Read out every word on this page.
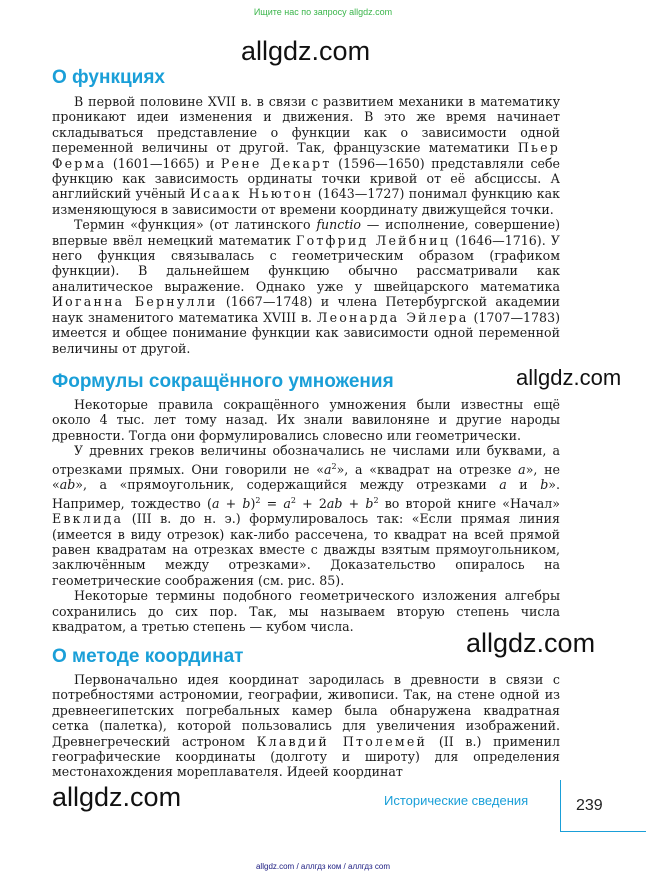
Ищите нас по запросу allgdz.com
allgdz.com
О функциях

В первой половине XVII в. в связи с развитием механики в математику проникают идеи изменения и движения. В это же время начинает складываться представление о функции как о зависимости одной переменной величины от другой. Так, французские математики Пьер Ферма (1601—1665) и Рене Декарт (1596—1650) представляли себе функцию как зависимость ординаты точки кривой от её абсциссы. А английский учёный Исаак Ньютон (1643—1727) понимал функцию как изменяющуюся в зависимости от времени координату движущейся точки.

Термин «функция» (от латинского functio — исполнение, совершение) впервые ввёл немецкий математик Готфрид Лейбниц (1646—1716). У него функция связывалась с геометрическим образом (графиком функции). В дальнейшем функцию обычно рассматривали как аналитическое выражение. Однако уже у швейцарского математика Иоганна Бернулли (1667—1748) и члена Петербургской академии наук знаменитого математика XVIII в. Леонарда Эйлера (1707—1783) имеется и общее понимание функции как зависимости одной переменной величины от другой.

Формулы сокращённого умножения	allgdz.com

Некоторые правила сокращённого умножения были известны ещё около 4 тыс. лет тому назад. Их знали вавилоняне и другие народы древности. Тогда они формулировались словесно или геометрически.

У древних греков величины обозначались не числами или буквами, а отрезками прямых. Они говорили не «$a^2$», а «квадрат на отрезке a», не «ab», а «прямоугольник, содержащийся между отрезками a и b». Например, тождество $(a + b)^2 = a^2 + 2ab + b^2$ во второй книге «Начал» Евклида (III в. до н. э.) формулировалось так: «Если прямая линия (имеется в виду отрезок) как-либо рассечена, то квадрат на всей прямой равен квадратам на отрезках вместе с дважды взятым прямоугольником, заключённым между отрезками». Доказательство опиралось на геометрические соображения (см. рис. 85).

Некоторые термины подобного геометрического изложения алгебры сохранились до сих пор. Так, мы называем вторую степень числа квадратом, а третью степень — кубом числа.

allgdz.com
О методе координат

Первоначально идея координат зародилась в древности в связи с потребностями астрономии, географии, живописи. Так, на стене одной из древнеегипетских погребальных камер была обнаружена квадратная сетка (палетка), которой пользовались для увеличения изображений. Древнегреческий астроном Клавдий Птолемей (II в.) применил географические координаты (долготу и широту) для определения местонахождения мореплавателя. Идеей координат

allgdz.com	Исторические сведения	239
allgdz.com / аллгдз ком / аллгдз com
